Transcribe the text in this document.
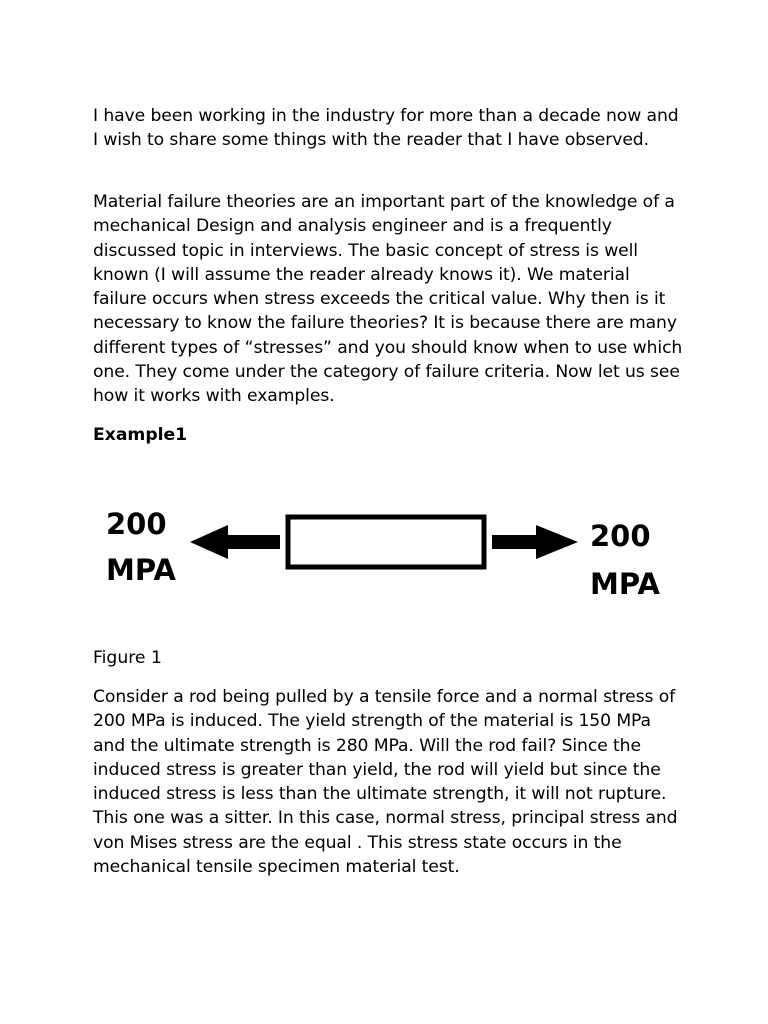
I have been working in the industry for more than a decade now and I wish to share some things with the reader that I have observed.

Material failure theories are an important part of the knowledge of a mechanical Design and analysis engineer and is a frequently discussed topic in interviews. The basic concept of stress is well known (I will assume the reader already knows it). We material failure occurs when stress exceeds the critical value. Why then is it necessary to know the failure theories? It is because there are many different types of “stresses” and you should know when to use which one. They come under the category of failure criteria. Now let us see how it works with examples.

Example1

200
MPA
200
MPA

Figure 1

Consider a rod being pulled by a tensile force and a normal stress of 200 MPa is induced. The yield strength of the material is 150 MPa and the ultimate strength is 280 MPa. Will the rod fail? Since the induced stress is greater than yield, the rod will yield but since the induced stress is less than the ultimate strength, it will not rupture. This one was a sitter. In this case, normal stress, principal stress and von Mises stress are the equal . This stress state occurs in the mechanical tensile specimen material test.
